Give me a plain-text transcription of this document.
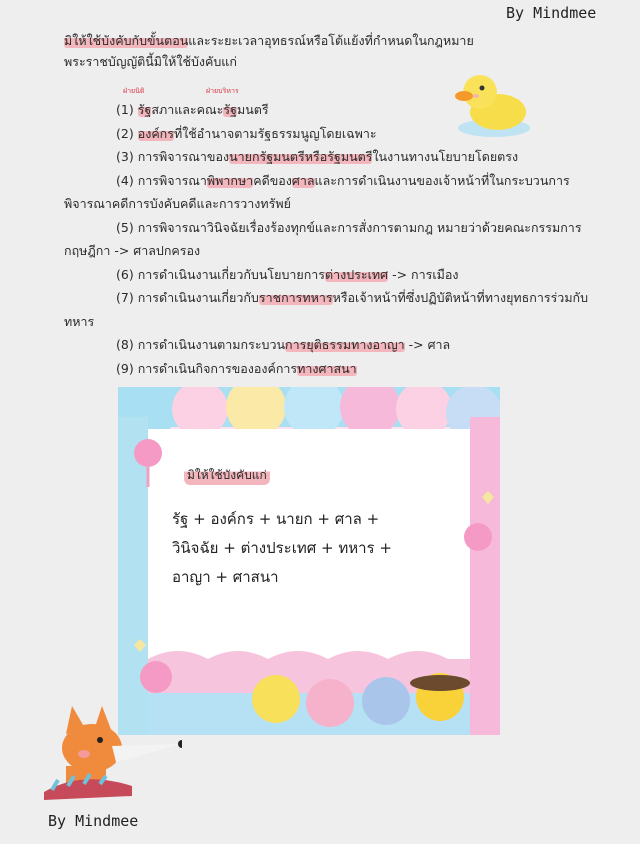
By Mindmee
มิให้ใช้บังคับกับขั้นตอนและระยะเวลาอุทธรณ์หรือโต้แย้งที่กำหนดในกฎหมาย
พระราชบัญญัตินี้มิให้ใช้บังคับแก่
ฝ่ายนิติ	ฝ่ายบริหาร
(1) รัฐสภาและคณะรัฐมนตรี
(2) องค์กรที่ใช้อำนาจตามรัฐธรรมนูญโดยเฉพาะ
(3) การพิจารณาของนายกรัฐมนตรีหรือรัฐมนตรีในงานทางนโยบายโดยตรง
(4) การพิจารณาพิพากษาคดีของศาลและการดำเนินงานของเจ้าหน้าที่ในกระบวนการพิจารณาคดีการบังคับคดีและการวางทรัพย์
(5) การพิจารณาวินิจฉัยเรื่องร้องทุกข์และการสั่งการตามกฎ หมายว่าด้วยคณะกรรมการกฤษฎีกา -> ศาลปกครอง
(6) การดำเนินงานเกี่ยวกับนโยบายการต่างประเทศ -> การเมือง
(7) การดำเนินงานเกี่ยวกับราชการทหารหรือเจ้าหน้าที่ซึ่งปฏิบัติหน้าที่ทางยุทธการร่วมกับทหาร
(8) การดำเนินงานตามกระบวนการยุติธรรมทางอาญา -> ศาล
(9) การดำเนินกิจการขององค์การทางศาสนา
มิให้ใช้บังคับแก่
รัฐ + องค์กร + นายก + ศาล +
วินิจฉัย + ต่างประเทศ + ทหาร +
อาญา + ศาสนา
By Mindmee
